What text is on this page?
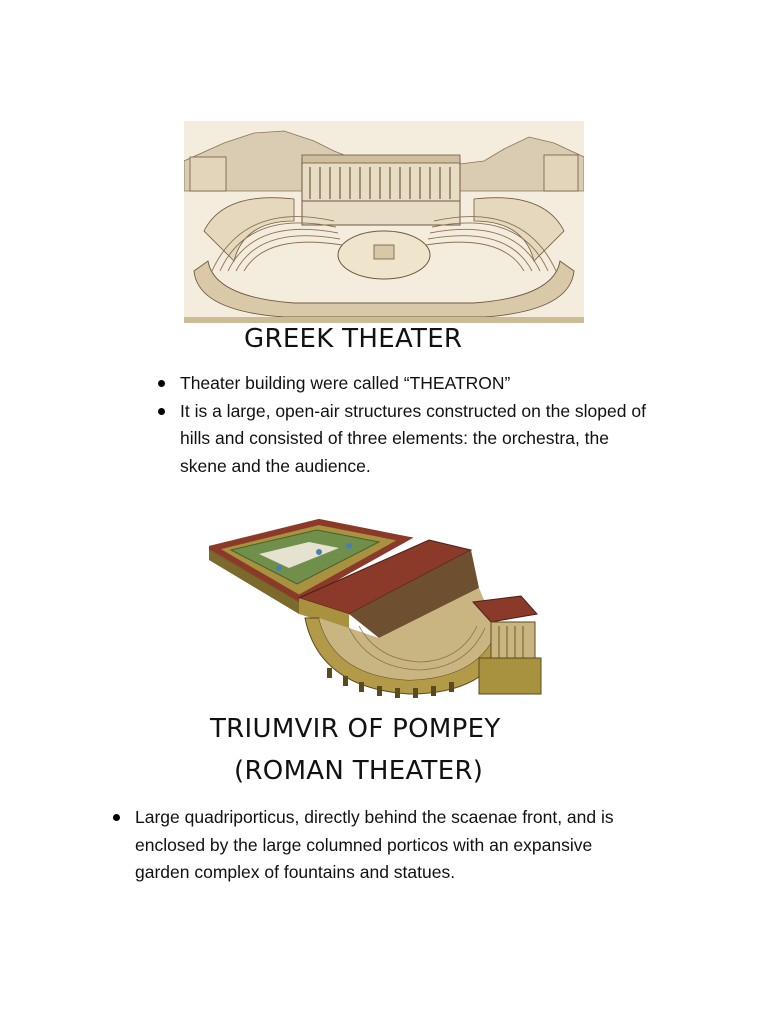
GREEK THEATER
Theater building were called “THEATRON”
It is a large, open-air structures constructed on the sloped of
hills and consisted of three elements: the orchestra, the
skene and the audience.
TRIUMVIR OF POMPEY
(ROMAN THEATER)
Large quadriporticus, directly behind the scaenae front, and is
enclosed by the large columned porticos with an expansive
garden complex of fountains and statues.
